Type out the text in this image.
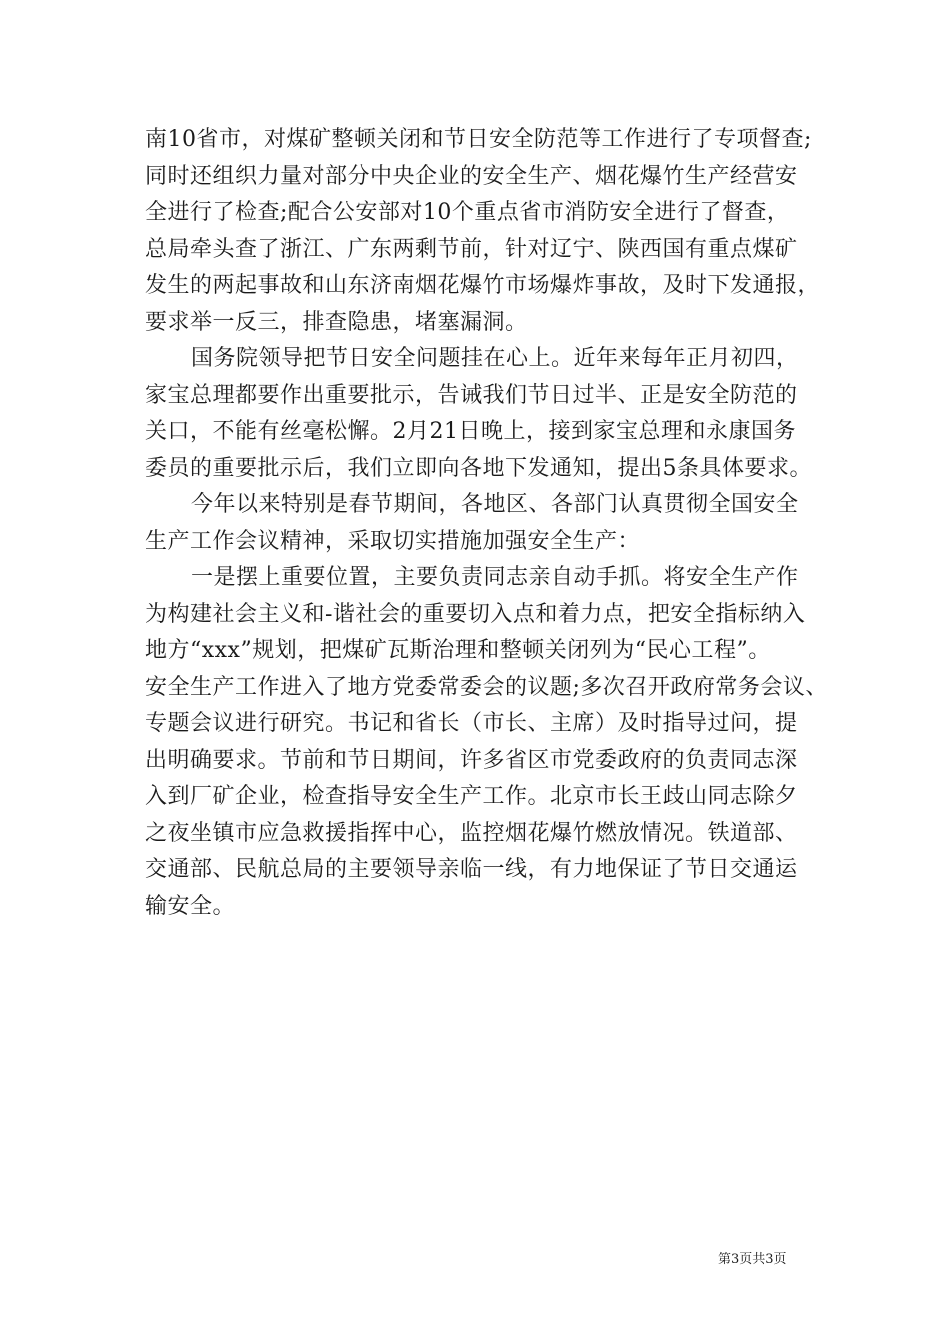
南10省市，对煤矿整顿关闭和节日安全防范等工作进行了专项督查;
同时还组织力量对部分中央企业的安全生产、烟花爆竹生产经营安
全进行了检查;配合公安部对10个重点省市消防安全进行了督查，
总局牵头查了浙江、广东两剩节前，针对辽宁、陕西国有重点煤矿
发生的两起事故和山东济南烟花爆竹市场爆炸事故，及时下发通报，
要求举一反三，排查隐患，堵塞漏洞。
国务院领导把节日安全问题挂在心上。近年来每年正月初四，
家宝总理都要作出重要批示，告诫我们节日过半、正是安全防范的
关口，不能有丝毫松懈。2月21日晚上，接到家宝总理和永康国务
委员的重要批示后，我们立即向各地下发通知，提出5条具体要求。
今年以来特别是春节期间，各地区、各部门认真贯彻全国安全
生产工作会议精神，采取切实措施加强安全生产：
一是摆上重要位置，主要负责同志亲自动手抓。将安全生产作
为构建社会主义和-谐社会的重要切入点和着力点，把安全指标纳入
地方“xxx”规划，把煤矿瓦斯治理和整顿关闭列为“民心工程”。
安全生产工作进入了地方党委常委会的议题;多次召开政府常务会议、
专题会议进行研究。书记和省长（市长、主席）及时指导过问，提
出明确要求。节前和节日期间，许多省区市党委政府的负责同志深
入到厂矿企业，检查指导安全生产工作。北京市长王歧山同志除夕
之夜坐镇市应急救援指挥中心，监控烟花爆竹燃放情况。铁道部、
交通部、民航总局的主要领导亲临一线，有力地保证了节日交通运
输安全。
第3页共3页
